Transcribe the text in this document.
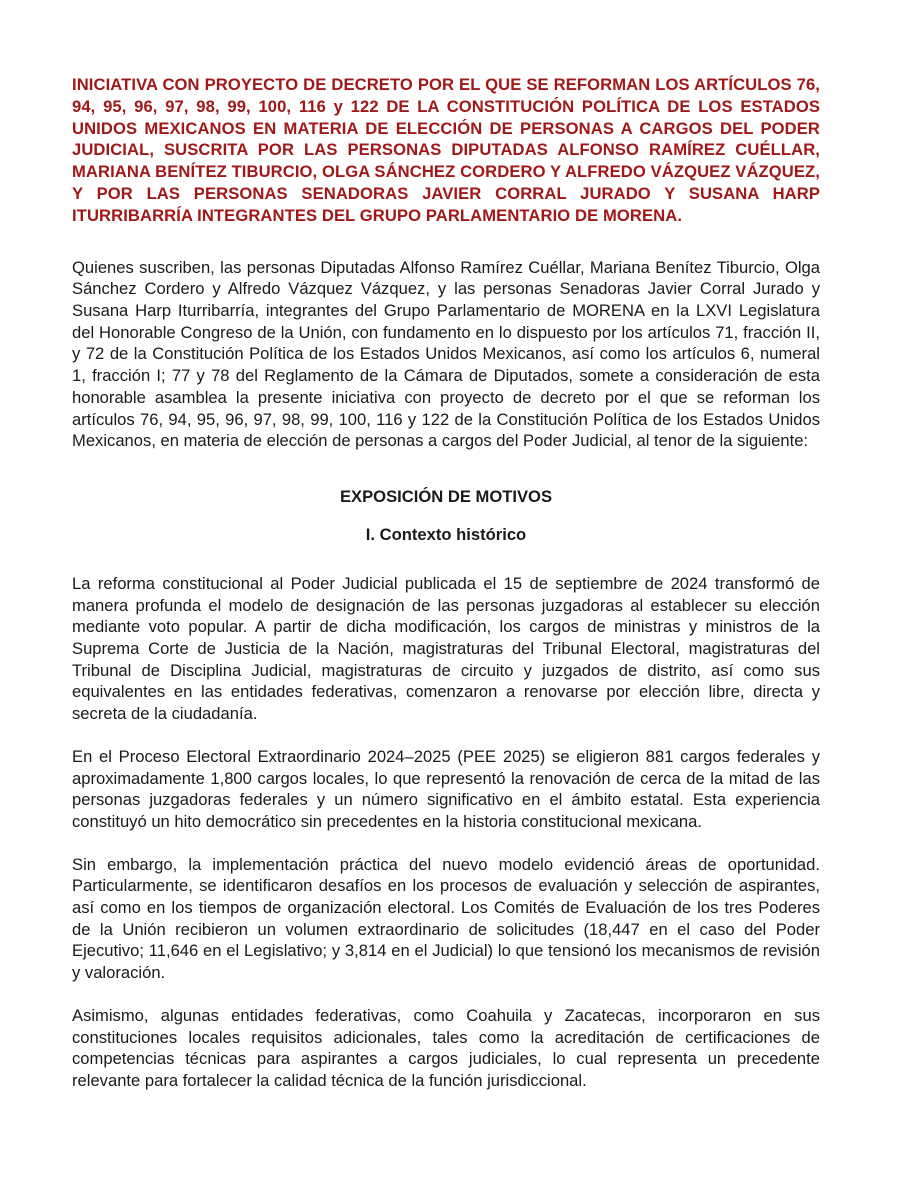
INICIATIVA CON PROYECTO DE DECRETO POR EL QUE SE REFORMAN LOS ARTÍCULOS 76, 94, 95, 96, 97, 98, 99, 100, 116 y 122 DE LA CONSTITUCIÓN POLÍTICA DE LOS ESTADOS UNIDOS MEXICANOS EN MATERIA DE ELECCIÓN DE PERSONAS A CARGOS DEL PODER JUDICIAL, SUSCRITA POR LAS PERSONAS DIPUTADAS ALFONSO RAMÍREZ CUÉLLAR, MARIANA BENÍTEZ TIBURCIO, OLGA SÁNCHEZ CORDERO Y ALFREDO VÁZQUEZ VÁZQUEZ, Y POR LAS PERSONAS SENADORAS JAVIER CORRAL JURADO Y SUSANA HARP ITURRIBARRÍA INTEGRANTES DEL GRUPO PARLAMENTARIO DE MORENA.

Quienes suscriben, las personas Diputadas Alfonso Ramírez Cuéllar, Mariana Benítez Tiburcio, Olga Sánchez Cordero y Alfredo Vázquez Vázquez, y las personas Senadoras Javier Corral Jurado y Susana Harp Iturribarría, integrantes del Grupo Parlamentario de MORENA en la LXVI Legislatura del Honorable Congreso de la Unión, con fundamento en lo dispuesto por los artículos 71, fracción II, y 72 de la Constitución Política de los Estados Unidos Mexicanos, así como los artículos 6, numeral 1, fracción I; 77 y 78 del Reglamento de la Cámara de Diputados, somete a consideración de esta honorable asamblea la presente iniciativa con proyecto de decreto por el que se reforman los artículos 76, 94, 95, 96, 97, 98, 99, 100, 116 y 122 de la Constitución Política de los Estados Unidos Mexicanos, en materia de elección de personas a cargos del Poder Judicial, al tenor de la siguiente:

EXPOSICIÓN DE MOTIVOS
I. Contexto histórico

La reforma constitucional al Poder Judicial publicada el 15 de septiembre de 2024 transformó de manera profunda el modelo de designación de las personas juzgadoras al establecer su elección mediante voto popular. A partir de dicha modificación, los cargos de ministras y ministros de la Suprema Corte de Justicia de la Nación, magistraturas del Tribunal Electoral, magistraturas del Tribunal de Disciplina Judicial, magistraturas de circuito y juzgados de distrito, así como sus equivalentes en las entidades federativas, comenzaron a renovarse por elección libre, directa y secreta de la ciudadanía.

En el Proceso Electoral Extraordinario 2024–2025 (PEE 2025) se eligieron 881 cargos federales y aproximadamente 1,800 cargos locales, lo que representó la renovación de cerca de la mitad de las personas juzgadoras federales y un número significativo en el ámbito estatal. Esta experiencia constituyó un hito democrático sin precedentes en la historia constitucional mexicana.

Sin embargo, la implementación práctica del nuevo modelo evidenció áreas de oportunidad. Particularmente, se identificaron desafíos en los procesos de evaluación y selección de aspirantes, así como en los tiempos de organización electoral. Los Comités de Evaluación de los tres Poderes de la Unión recibieron un volumen extraordinario de solicitudes (18,447 en el caso del Poder Ejecutivo; 11,646 en el Legislativo; y 3,814 en el Judicial) lo que tensionó los mecanismos de revisión y valoración.

Asimismo, algunas entidades federativas, como Coahuila y Zacatecas, incorporaron en sus constituciones locales requisitos adicionales, tales como la acreditación de certificaciones de competencias técnicas para aspirantes a cargos judiciales, lo cual representa un precedente relevante para fortalecer la calidad técnica de la función jurisdiccional.
